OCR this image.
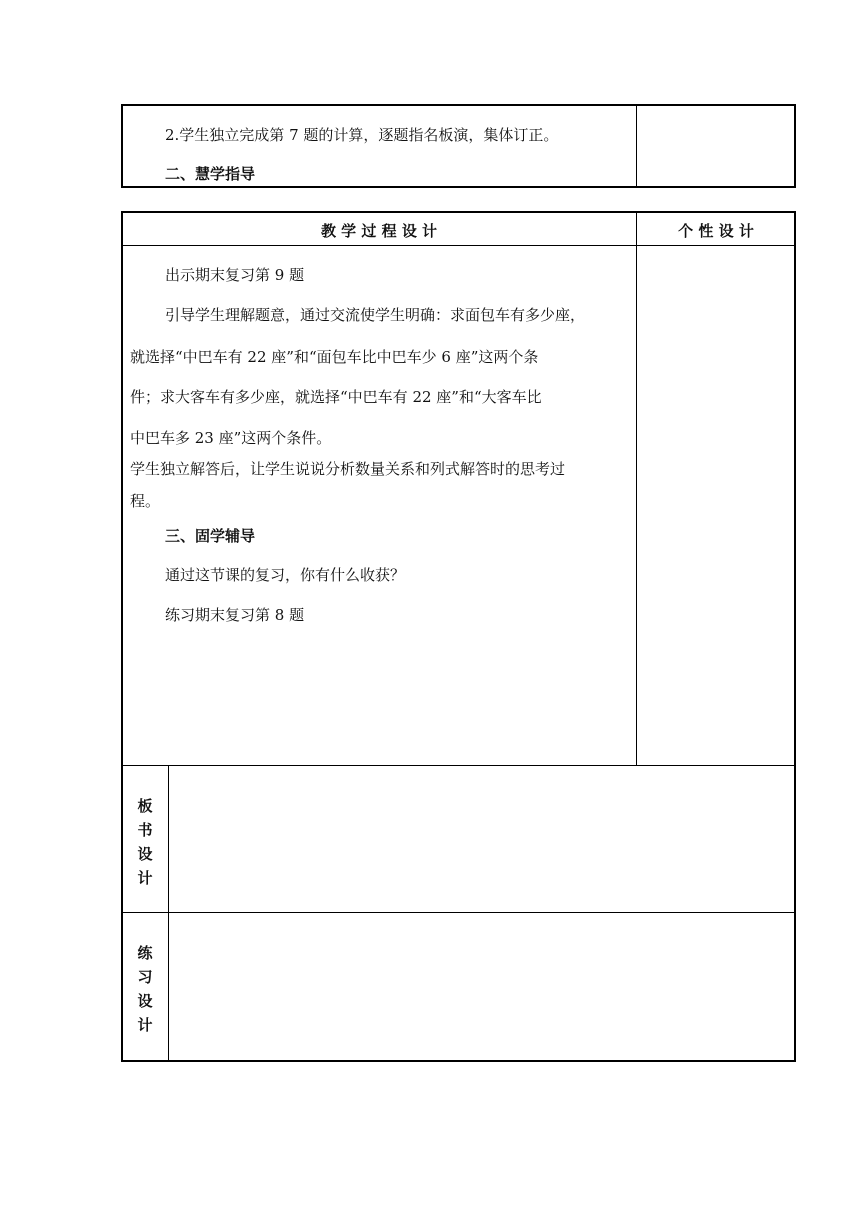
2.学生独立完成第 7 题的计算，逐题指名板演，集体订正。
二、慧学指导
教 学 过 程 设 计	个 性 设 计
出示期末复习第 9 题
引导学生理解题意，通过交流使学生明确：求面包车有多少座，
就选择“中巴车有 22 座”和“面包车比中巴车少 6 座”这两个条
件；求大客车有多少座，就选择“中巴车有 22 座”和“大客车比
中巴车多 23 座”这两个条件。
学生独立解答后，让学生说说分析数量关系和列式解答时的思考过
程。
三、固学辅导
通过这节课的复习，你有什么收获？
练习期末复习第 8 题
板书设计
练习设计
